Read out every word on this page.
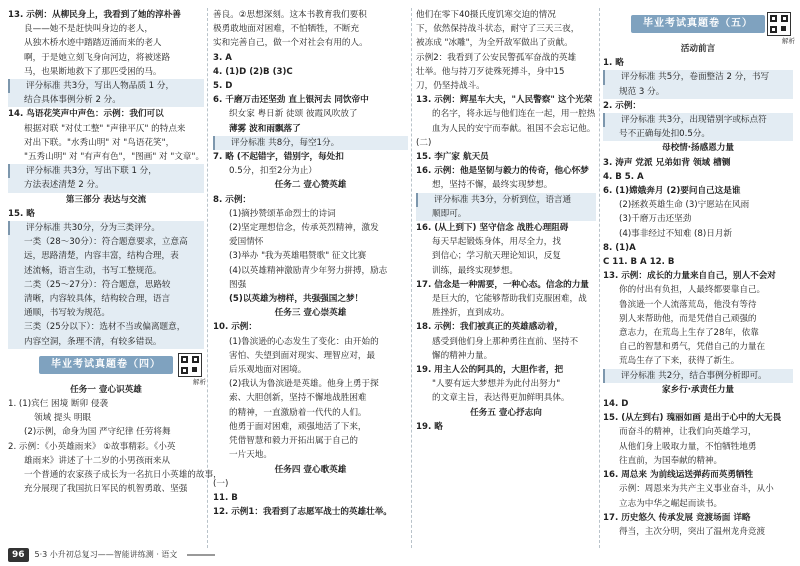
13. 示例：从柳民身上，我看到了她的淳朴善
良——她不是赶快叫身边的老人，
从独木桥水迹中踏踏迈涌而来的老人
啊，于是她立刻飞身向河边，将被迷路
马，也果断地救下了那匹受困的马。
评分标准 共3分，写出人物品质 1 分，
结合具体事例分析 2 分。
14. 鸟语花笑声中声色：示例：我们可以
根据对联 "对仗工整" "声律平仄" 的特点来
对出下联。"水秀山明" 对 "鸟语花笑"，
"五秀山明" 对 "有声有色"，"图画" 对 "文章"。
评分标准 共3分，写出下联 1 分，
方法表述清楚 2 分。
第三部分 表达与交流
15. 略
评分标准 共30分，分为三类评分。
一类（28～30分）：符合题意要求，立意高
远，思路清楚，内容丰富，结构合理，表
述流畅，语言生动，书写工整规范。
二类（25～27分）：符合题意，思路较
清晰，内容较具体，结构较合理，语言
通顺，书写较为规范。
三类（25分以下）：选材不当或偏离题意，
内容空洞，条理不清，有较多错误。
毕业考试真题卷（四）
解析
任务一 壹心识英雄
1. (1)宾仨 困境 断卯 侵袭
领域 提头 明眼
(2)示例，命身为国 严守纪律 任劳将舞
2. 示例：《小英雄雨来》 ①故事精彩。《小英
雄雨来》讲述了十二岁的小男孩雨来从
一个普通的农家孩子成长为一名抗日小英雄的故事，
充分展现了我国抗日军民的机智勇敢、坚强
善良。②思想深刻。这本书教育我们要积
极勇敢地面对困难，不怕牺牲，不断充
实和完善自己，做一个对社会有用的人。
3. A
4. (1)D (2)B (3)C
5. D
6. 千磨万击还坚劲 直上银河去 同饮帝中
织女家 粤日新 徒颂 彼霞风吹放了
薄雾 波和雨飘落了
评分标准 共8分，每空1分。
7. 略 (不起错字，错别字，每处扣
0.5分，扣至2分为止）
任务二 壹心赞英雄
8. 示例：
(1)摘抄赞颂革命烈士的诗词
(2)坚定理想信念，传承英烈精神，激发
爱国情怀
(3)举办 "我为英雄唱赞歌" 征文比赛
(4)以英雄精神激励青少年努力拼搏，励志
图强
(5)以英雄为榜样，共强强国之梦！
任务三 壹心崇英雄
10. 示例：
(1)鲁滨逊的心态发生了变化：由开始的
害怕、失望到面对现实、理智应对，最
后乐观地面对困境。
(2)我认为鲁滨逊是英雄。他身上勇于探
索、大胆创新，坚持不懈地战胜困难
的精神，一直激励着一代代的人们。
他勇于面对困难，顽强地活了下来，
凭借智慧和毅力开拓出属于自己的
一片天地。
任务四 壹心歌英雄
(一)
11. B
12. 示例1：我看到了志愿军战士的英雄壮举。
他们在零下40摄氏度饥寒交迫的情况
下，依然保持战斗状态，耐守了三天三夜，
被冻成 "冰雕"，为全歼敌军做出了贡献。
示例2：我看到了公安民警孤军奋战的英雄
壮举。他与持刀歹徒殊死搏斗，身中15
刀，仍坚持战斗。
13. 示例：辉星车大夫，"人民警察" 这个光荣
的名字，将永远与他们连在一起，用一腔热
血为人民的安宁而奉献。祖国不会忘记他。
(二)
15. 李广家 航天员
16. 示例：他是坚韧与毅力的传奇，他心怀梦
想，坚持不懈，最终实现梦想。
评分标准 共3分，分析到位，语言通
顺即可。
16. (从上到下) 坚守信念 战胜心理阻碍
每天早起锻炼身体，用尽全力，找
到信心；学习航天理论知识，反复
训练，最终实现梦想。
17. 信念是一种需要，一种心态。信念的力量
是巨大的，它能够帮助我们克服困难，战
胜挫折，直到成功。
18. 示例：我们被真正的英雄感动着，
感受到他们身上那种勇往直前、坚持不
懈的精神力量。
19. 用主人公的阿具的，大胆作者，把
"人要有远大梦想并为此付出努力"
的文章主旨，表达得更加鲜明具体。
任务五 壹心抒志向
19. 略
毕业考试真题卷（五）
解析
活动前言
1. 略
评分标准 共5分，卷面整洁 2 分，书写
规范 3 分。
2. 示例：
评分标准 共3分，出现错别字或标点符
号不正确每处扣0.5分。
母校情·扬感恩力量
3. 涛声 党派 兄弟如背 领域 槽铡
4. B 5. A
6. (1)嫦娥奔月 (2)要问自己这是谁
(2)拯救英雄生命 (3)宁愿站在风雨
(3)千磨万击还坚劲
(4)事非经过不知难 (8)日月新
8. (1)A
C 11. B A 12. B
13. 示例：成长的力量来自自己，别人不会对
你的付出有负担，人最终都要靠自己。
鲁滨逊一个人流落荒岛，他没有等待
别人来帮助他，而是凭借自己顽强的
意志力，在荒岛上生存了28年，依靠
自己的智慧和勇气，凭借自己的力量在
荒岛生存了下来，获得了新生。
评分标准 共2分，结合事例分析即可。
家乡行·承责任力量
14. D
15. (从左到右) 瑰丽如画 是出于心中的大无畏
而奋斗的精神，让我们向英雄学习，
从他们身上吸取力量，不怕牺牲地勇
往直前，为国奉献的精神。
16. 周总来 为前线运送弹药而英勇牺牲
示例：周恩来为共产主义事业奋斗，从小
立志为中华之崛起而读书。
17. 历史悠久 传承发展 竞渡场面 详略
得当，主次分明，突出了温州龙舟竞渡
96	5·3 小升初总复习——智能讲练测 · 语文
